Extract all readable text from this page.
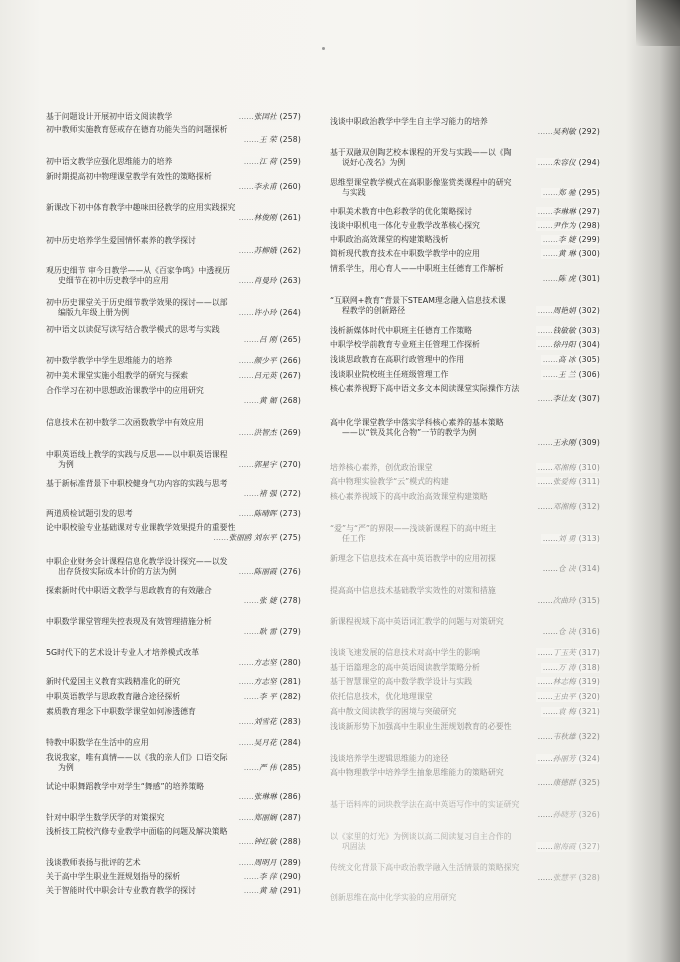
基于问题设计开展初中语文阅读教学	……张国社 (257)
初中教师实施教育惩戒存在德育功能失当的问题探析
……王 荣 (258)
初中语文教学应强化思维能力的培养	……江 荷 (259)
新时期提高初中物理课堂教学有效性的策略探析
……李永甫 (260)
新课改下初中体育教学中趣味田径教学的应用实践探究
……林俊刚 (261)
初中历史培养学生爱国情怀素养的教学探讨
……苏柳娥 (262)
观历史细节 审今日教学——从《百家争鸣》中透视历
史细节在初中历史教学中的应用	……肖曼玲 (263)
初中历史课堂关于历史细节教学效果的探讨——以部
编版九年级上册为例	……许小玲 (264)
初中语文以读促写读写结合教学模式的思考与实践
……吕 刚 (265)
初中数学教学中学生思维能力的培养	……颜少平 (266)
初中美术课堂实施小组教学的研究与探索	……吕元英 (267)
合作学习在初中思想政治课教学中的应用研究
……黄 媚 (268)
信息技术在初中数学二次函数教学中有效应用
……洪智杰 (269)
中职英语线上教学的实践与反思——以中职英语课程
为例	……郭星宇 (270)
基于新标准背景下中职校健身气功内容的实践与思考
……褚 强 (272)
两道质检试题引发的思考	……陈晴晖 (273)
论中职校验专业基础课对专业课教学效果提升的重要性
……张丽鸥 刘东平 (275)
中职企业财务会计课程信息化教学设计探究——以发
出存货按实际成本计价的方法为例	……陈丽霞 (276)
探索新时代中职语文教学与思政教育的有效融合
……张 婕 (278)
中职数学课堂管理失控表现及有效管理措施分析
……耿 雷 (279)
5G时代下的艺术设计专业人才培养模式改革
……方志坚 (280)
新时代爱国主义教育实践精准化的研究	……方志坚 (281)
中职英语教学与思政教育融合途径探析	……李 平 (282)
素质教育理念下中职数学课堂如何渗透德育
……刘雪花 (283)
特教中职数学在生活中的应用	……吴月花 (284)
我说我家，唯有真情——以《我的亲人们》口语交际
为例	……严 伟 (285)
试论中职舞蹈教学中对学生“舞感”的培养策略
……张琳琳 (286)
针对中职学生数学厌学的对策探究	……郑丽娴 (287)
浅析技工院校汽修专业教学中面临的问题及解决策略
……钟红敏 (288)
浅谈教师表扬与批评的艺术	……周明月 (289)
关于高中学生职业生涯规划指导的探析	……李 萍 (290)
关于智能时代中职会计专业教育教学的探讨	……黄 瑜 (291)
浅谈中职政治教学中学生自主学习能力的培养
……吴利敏 (292)
基于双融双创陶艺校本课程的开发与实践——以《陶
说好心茂名》为例	……朱容仪 (294)
思维型课堂教学模式在高职影像鉴赏类课程中的研究
与实践	……郑 驰 (295)
中职美术教育中色彩教学的优化策略探讨	……李琳琳 (297)
浅谈中职机电一体化专业教学改革核心探究	……尹作为 (298)
中职政治高效课堂的构建策略浅析	……李 婕 (299)
简析现代教育技术在中职数学教学中的应用	……黄 琳 (300)
情系学生，用心育人——中职班主任德育工作解析
……陈 虎 (301)
“互联网+教育”背景下STEAM理念融入信息技术课
程教学的创新路径	……周艳娟 (302)
浅析新媒体时代中职班主任德育工作策略	……钱敏敏 (303)
中职学校学前教育专业班主任管理工作探析	……徐丹阳 (304)
浅谈思政教育在高职行政管理中的作用	……高 冰 (305)
浅谈职业院校班主任班级管理工作	……王 兰 (306)
核心素养视野下高中语文多文本阅读课堂实际操作方法
……李让友 (307)
高中化学课堂教学中落实学科核心素养的基本策略
——以“铁及其化合物”一节的教学为例
……王永刚 (309)
培养核心素养，创优政治课堂	……邓湘梅 (310)
高中物理实验教学“云”模式的构建	……张爱梅 (311)
核心素养视域下的高中政治高效课堂构建策略
……邓湘梅 (312)
“爱”与“严”的界限——浅谈新课程下的高中班主
任工作	……刘 勇 (313)
新理念下信息技术在高中英语教学中的应用初探
……仓 决 (314)
提高高中信息技术基础教学实效性的对策和措施
……次曲玲 (315)
新课程视域下高中英语词汇教学的问题与对策研究
……仓 决 (316)
浅谈飞速发展的信息技术对高中学生的影响	……丁玉芙 (317)
基于语篇理念的高中英语阅读教学策略分析	……万 涛 (318)
基于智慧课堂的高中数学教学设计与实践	……林志梅 (319)
依托信息技术，优化地理课堂	……王虫平 (320)
高中散文阅读教学的困境与突破研究	……袁 梅 (321)
浅谈新形势下加强高中生职业生涯规划教育的必要性
……韦秋雄 (322)
浅谈培养学生逻辑思维能力的途径	……孙丽芳 (324)
高中物理教学中培养学生抽象思维能力的策略研究
……康德群 (325)
基于语料库的词块教学法在高中英语写作中的实证研究
……孙晓芳 (326)
以《家里的灯光》为例谈以高二阅读复习自主合作的
巩固法	……谢海霞 (327)
传统文化背景下高中政治教学融入生活情景的策略探究
……张慧平 (328)
创新思维在高中化学实验的应用研究
